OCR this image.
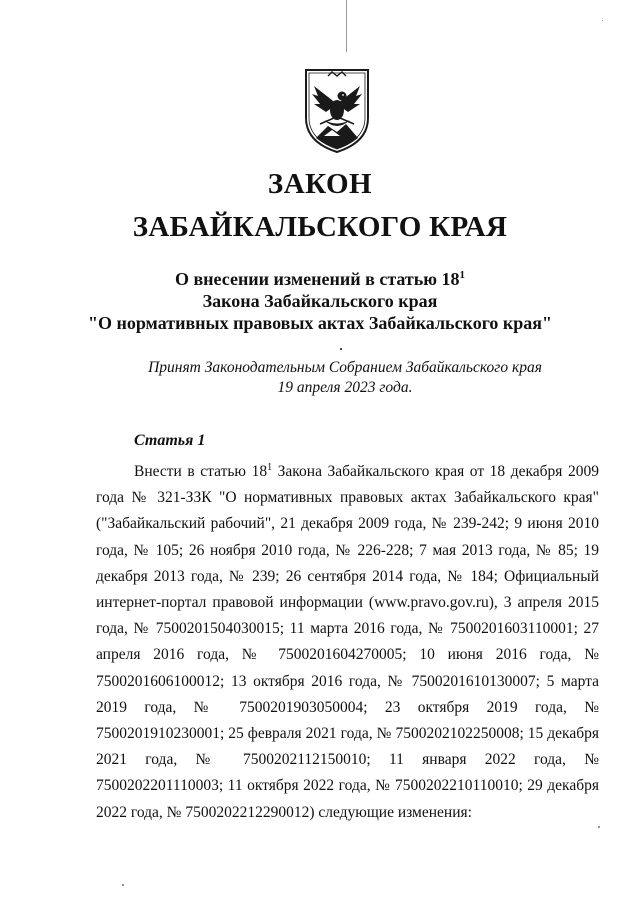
ЗАКОН
ЗАБАЙКАЛЬСКОГО КРАЯ
О внесении изменений в статью $18^1$
Закона Забайкальского края
"О нормативных правовых актах Забайкальского края"
Принят Законодательным Собранием Забайкальского края
19 апреля 2023 года.
Статья 1
Внести в статью $18^1$ Закона Забайкальского края от 18 декабря 2009 года № 321-ЗЗК "О нормативных правовых актах Забайкальского края" ("Забайкальский рабочий", 21 декабря 2009 года, № 239-242; 9 июня 2010 года, № 105; 26 ноября 2010 года, № 226-228; 7 мая 2013 года, № 85; 19 декабря 2013 года, № 239; 26 сентября 2014 года, № 184; Официальный интернет-портал правовой информации (www.pravo.gov.ru), 3 апреля 2015 года, № 7500201504030015; 11 марта 2016 года, № 7500201603110001; 27 апреля 2016 года, № 7500201604270005; 10 июня 2016 года, № 7500201606100012; 13 октября 2016 года, № 7500201610130007; 5 марта 2019 года, № 7500201903050004; 23 октября 2019 года, № 7500201910230001; 25 февраля 2021 года, № 7500202102250008; 15 декабря 2021 года, № 7500202112150010; 11 января 2022 года, № 7500202201110003; 11 октября 2022 года, № 7500202210110010; 29 декабря 2022 года, № 7500202212290012) следующие изменения:
